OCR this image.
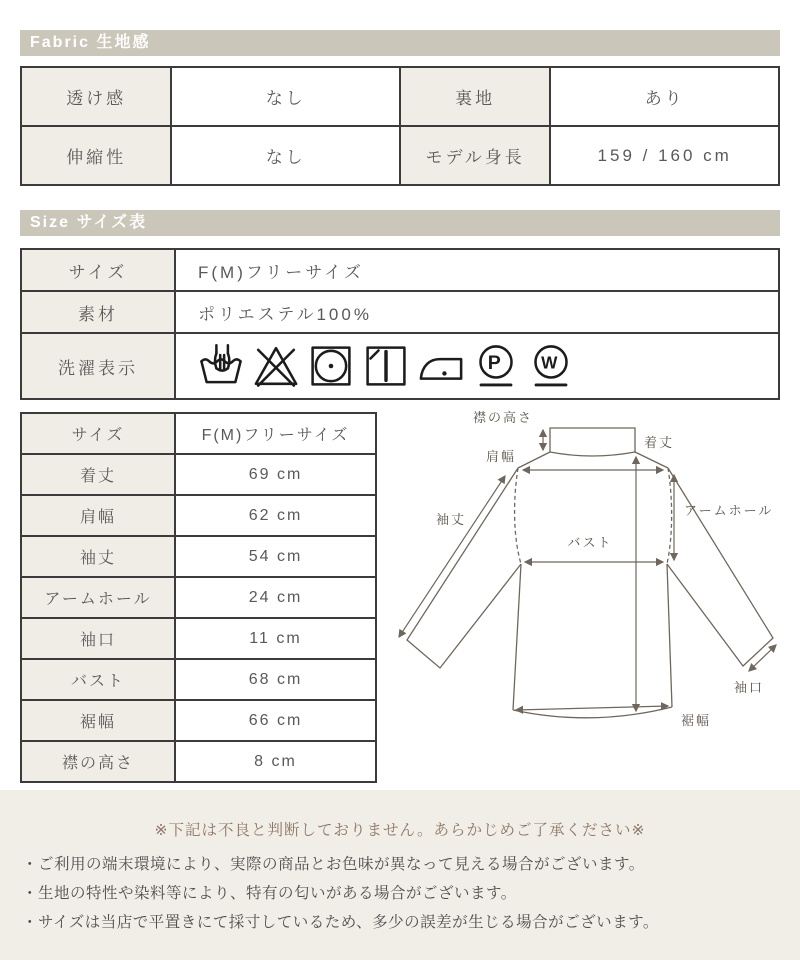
Fabric 生地感
透け感	なし	裏地	あり
伸縮性	なし	モデル身長	159 / 160 cm
Size サイズ表
サイズ	F(M)フリーサイズ
素材	ポリエステル100%
洗濯表示	P W
サイズ	F(M)フリーサイズ
着丈	69 cm
肩幅	62 cm
袖丈	54 cm
アームホール	24 cm
袖口	11 cm
バスト	68 cm
裾幅	66 cm
襟の高さ	8 cm
襟の高さ
肩幅
着丈
袖丈
アームホール
バスト
袖口
裾幅

※下記は不良と判断しておりません。あらかじめご了承ください※

・ご利用の端末環境により、実際の商品とお色味が異なって見える場合がございます。

・生地の特性や染料等により、特有の匂いがある場合がございます。

・サイズは当店で平置きにて採寸しているため、多少の誤差が生じる場合がございます。
